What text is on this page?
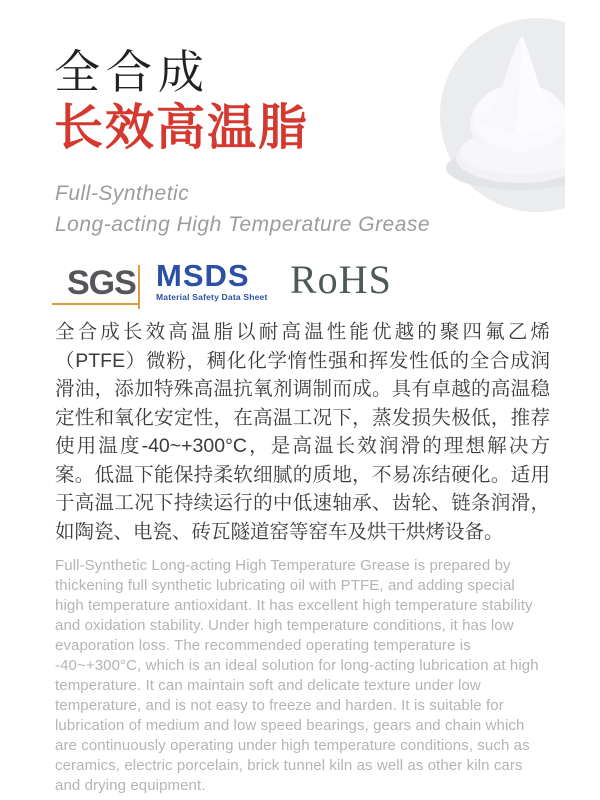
全合成
长效高温脂
Full-Synthetic
Long-acting High Temperature Grease
SGS MSDS
Material Safety Data Sheet RoHS
全合成长效高温脂以耐高温性能优越的聚四氟乙烯（PTFE）微粉，稠化化学惰性强和挥发性低的全合成润滑油，添加特殊高温抗氧剂调制而成。具有卓越的高温稳定性和氧化安定性，在高温工况下，蒸发损失极低，推荐使用温度-40~+300°C，是高温长效润滑的理想解决方案。低温下能保持柔软细腻的质地，不易冻结硬化。适用于高温工况下持续运行的中低速轴承、齿轮、链条润滑，如陶瓷、电瓷、砖瓦隧道窑等窑车及烘干烘烤设备。
Full-Synthetic Long-acting High Temperature Grease is prepared by thickening full synthetic lubricating oil with PTFE, and adding special high temperature antioxidant. It has excellent high temperature stability and oxidation stability. Under high temperature conditions, it has low evaporation loss. The recommended operating temperature is -40~+300°C, which is an ideal solution for long-acting lubrication at high temperature. It can maintain soft and delicate texture under low temperature, and is not easy to freeze and harden. It is suitable for lubrication of medium and low speed bearings, gears and chain which are continuously operating under high temperature conditions, such as ceramics, electric porcelain, brick tunnel kiln as well as other kiln cars and drying equipment.
